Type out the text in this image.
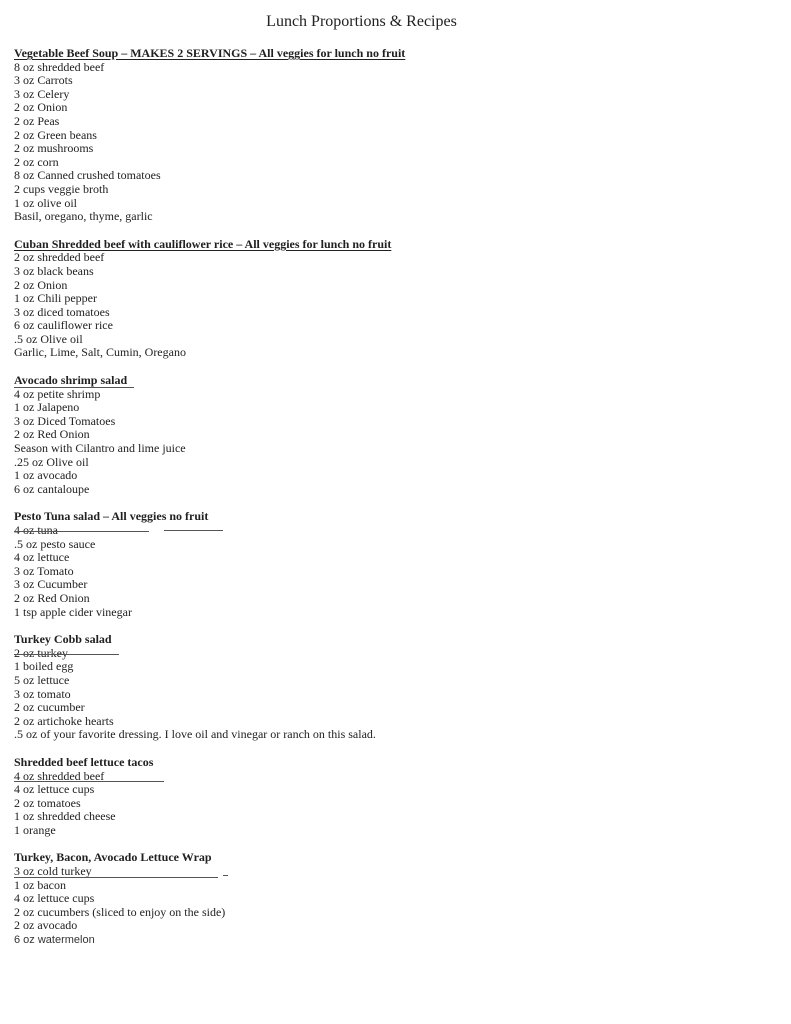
Lunch Proportions & Recipes
Vegetable Beef Soup – MAKES 2 SERVINGS – All veggies for lunch no fruit
8 oz shredded beef
3 oz Carrots
3 oz Celery
2 oz Onion
2 oz Peas
2 oz Green beans
2 oz mushrooms
2 oz corn
8 oz Canned crushed tomatoes
2 cups veggie broth
1 oz olive oil
Basil, oregano, thyme, garlic
Cuban Shredded beef with cauliflower rice – All veggies for lunch no fruit
2 oz shredded beef
3 oz black beans
2 oz Onion
1 oz Chili pepper
3 oz diced tomatoes
6 oz cauliflower rice
.5 oz Olive oil
Garlic, Lime, Salt, Cumin, Oregano
Avocado shrimp salad
4 oz petite shrimp
1 oz Jalapeno
3 oz Diced Tomatoes
2 oz Red Onion
Season with Cilantro and lime juice
.25 oz Olive oil
1 oz avocado
6 oz cantaloupe
Pesto Tuna salad – All veggies no fruit
4 oz tuna
.5 oz pesto sauce
4 oz lettuce
3 oz Tomato
3 oz Cucumber
2 oz Red Onion
1 tsp apple cider vinegar
Turkey Cobb salad
2 oz turkey
1 boiled egg
5 oz lettuce
3 oz tomato
2 oz cucumber
2 oz artichoke hearts
.5 oz of your favorite dressing. I love oil and vinegar or ranch on this salad.
Shredded beef lettuce tacos
4 oz shredded beef
4 oz lettuce cups
2 oz tomatoes
1 oz shredded cheese
1 orange
Turkey, Bacon, Avocado Lettuce Wrap
3 oz cold turkey
1 oz bacon
4 oz lettuce cups
2 oz cucumbers (sliced to enjoy on the side)
2 oz avocado
6 oz watermelon
